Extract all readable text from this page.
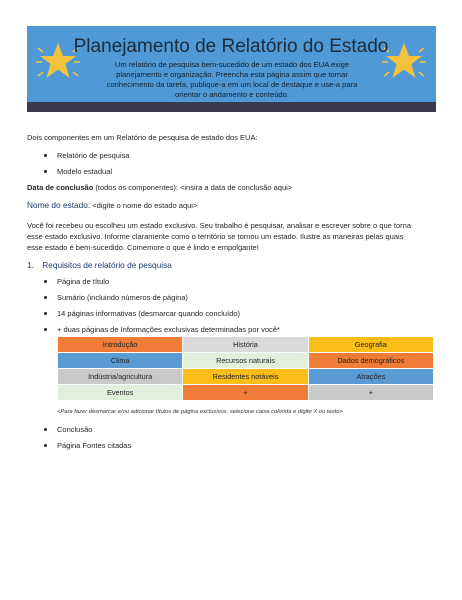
Planejamento de Relatório do Estado
Um relatório de pesquisa bem-sucedido de um estado dos EUA exige
planejamento e organização. Preencha esta página assim que tomar
conhecimento da tarefa, publique-a em um local de destaque e use-a para
orientar o andamento e conteúdo.

Dois componentes em um Relatório de pesquisa de estado dos EUA:

Relatório de pesquisa
Modelo estadual

Data de conclusão (todos os componentes): <insira a data de conclusão aqui>

Nome do estado: <digite o nome do estado aqui>

Você foi recebeu ou escolheu um estado exclusivo. Seu trabalho é pesquisar, analisar e escrever sobre o que torna
esse estado exclusivo. Informe claramente como o território se tornou um estado. Ilustre as maneiras pelas quais
esse estado é bem-sucedido. Comemore o que é lindo e empolgante!
1. Requisitos de relatório de pesquisa
Página de título
Sumário (incluindo números de página)
14 páginas informativas (desmarcar quando concluído)
+ duas páginas de Informações exclusivas determinadas por você*
Introdução	História	Geografia
Clima	Recursos naturais	Dados demográficos
Indústria/agricultura	Residentes notáveis	Atrações
Eventos	+	+
<Para fazer desmarcar e/ou adicionar títulos de página exclusivos, selecione caixa colorida e digite X ou texto>
Conclusão
Página Fontes citadas
